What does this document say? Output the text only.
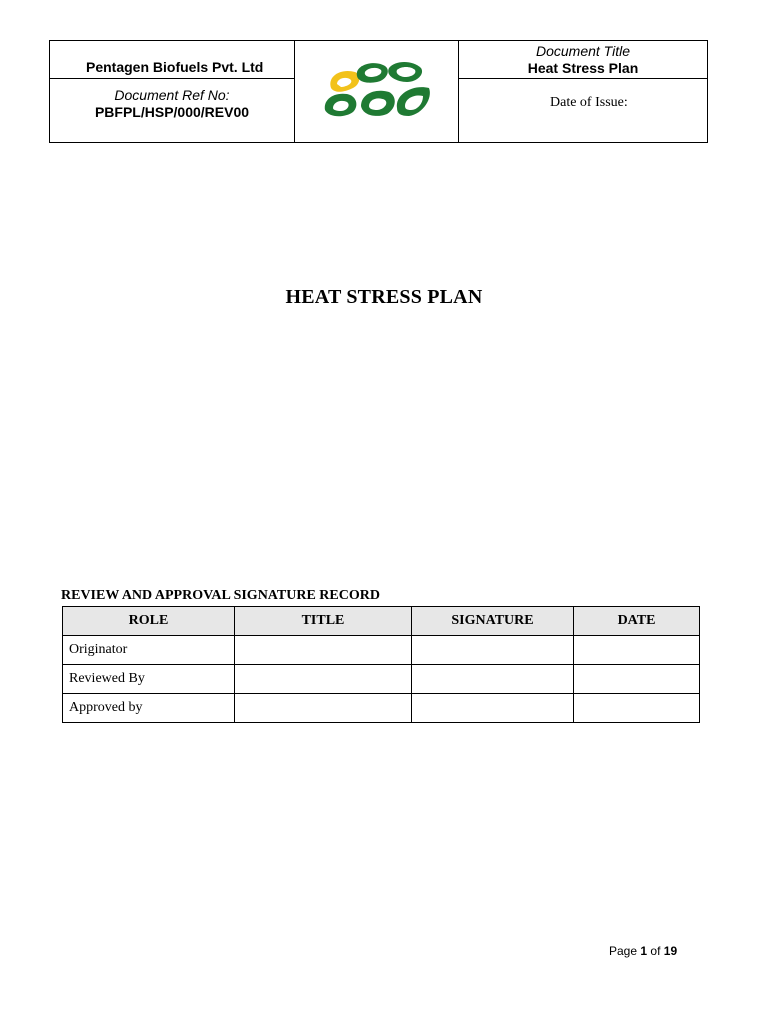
Pentagen Biofuels Pvt. Ltd		Document Title
Heat Stress Plan

Document Ref No:
PBFPL/HSP/000/REV00		Date of Issue:
HEAT STRESS PLAN
REVIEW AND APPROVAL SIGNATURE RECORD
ROLE	TITLE	SIGNATURE	DATE
Originator			
Reviewed By			
Approved by			
Page 1 of 19
